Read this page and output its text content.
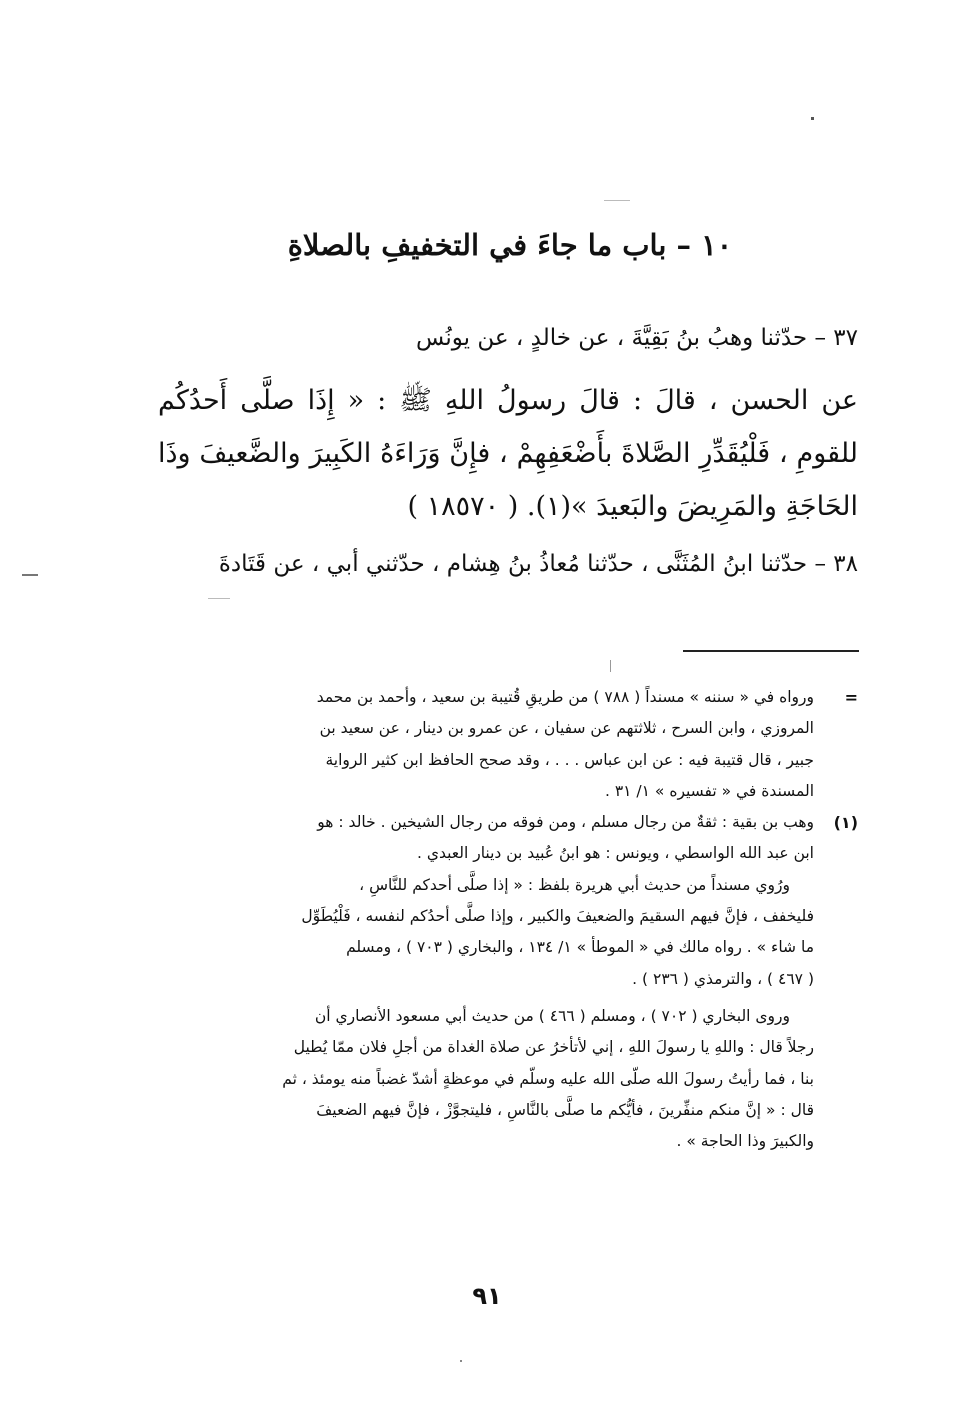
١٠ – باب ما جاءَ في التخفيفِ بالصلاةِ
٣٧ – حدّثنا وهبُ بنُ بَقِيَّةَ ، عن خالدٍ ، عن يونُس
عن الحسن ، قالَ : قالَ رسولُ اللهِ ﷺ : « إِذَا صلَّى أَحدُكُم للقومِ ، فَلْيُقَدِّرِ الصَّلاةَ بأَضْعَفِهِمْ ، فإِنَّ وَرَاءَهُ الكَبِيرَ والضَّعيفَ وذَا الحَاجَةِ والمَرِيضَ والبَعيدَ »(١). ( ١٨٥٧٠ )
٣٨ – حدّثنا ابنُ المُثَنَّى ، حدّثنا مُعاذُ بنُ هِشام ، حدّثني أبي ، عن قَتَادةَ
=
ورواه في « سننه » مسنداً ( ٧٨٨ ) من طريقِ قُتيبة بن سعيد ، وأحمد بن محمد
المروزي ، وابن السرح ، ثلاثتهم عن سفيان ، عن عمرو بن دينار ، عن سعيد بن
جبير ، قال قتيبة فيه : عن ابن عباس . . . ، وقد صحح الحافظ ابن كثير الرواية
المسندة في « تفسيره » ١/ ٣١ .
(١)
وهب بن بقية : ثقةٌ من رجال مسلم ، ومن فوقه من رجال الشيخين . خالد : هو
ابن عبد الله الواسطي ، ويونس : هو ابنُ عُبيد بن دينار العبدي .
ورُوي مسنداً من حديث أبي هريرة بلفظ : « إذا صلَّى أحدكم للنَّاسِ ،
فليخفف ، فإنَّ فيهم السقيمَ والضعيفَ والكبير ، وإذا صلَّى أحدُكم لنفسه ، فَلْيُطَوِّل
ما شاء » . رواه مالك في « الموطأ » ١/ ١٣٤ ، والبخاري ( ٧٠٣ ) ، ومسلم
( ٤٦٧ ) ، والترمذي ( ٢٣٦ ) .
وروى البخاري ( ٧٠٢ ) ، ومسلم ( ٤٦٦ ) من حديث أبي مسعود الأنصاري أن
رجلاً قال : واللهِ يا رسولَ اللهِ ، إني لأتأخرُ عن صلاة الغداة من أجلِ فلان ممّا يُطيل
بنا ، فما رأيتُ رسولَ الله صلّى الله عليه وسلّم في موعظةٍ أشدّ غضباً منه يومئذ ، ثم
قال : « إنَّ منكم منفِّرينَ ، فأيُّكم ما صلَّى بالنَّاسِ ، فليتجوَّزْ ، فإنَّ فيهم الضعيفَ
والكبيرَ وذا الحاجة » .
٩١
